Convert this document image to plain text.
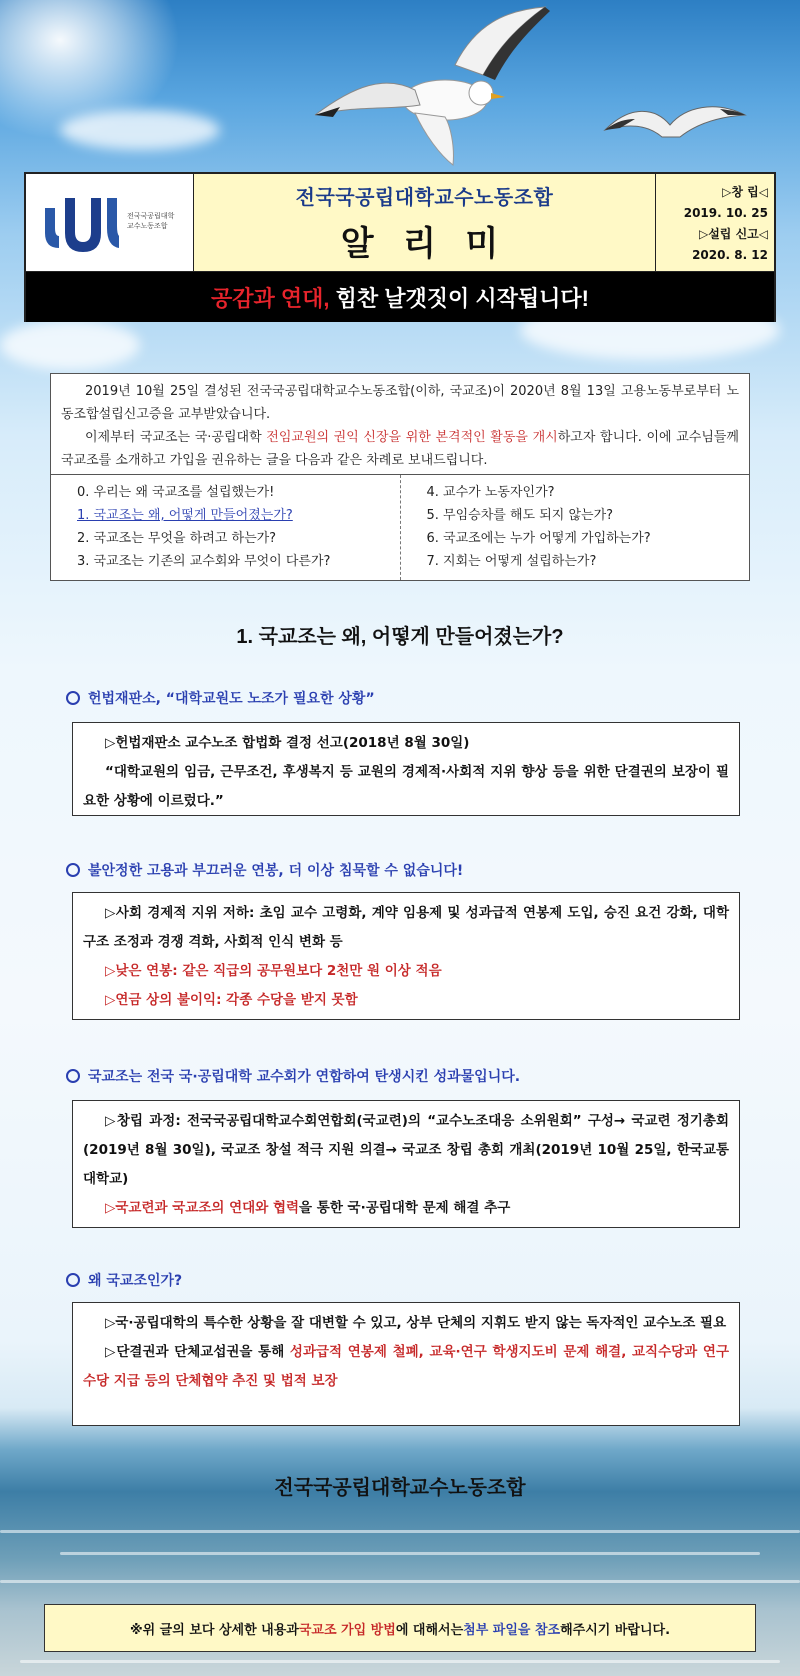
전국국공립대학
교수노동조합
전국국공립대학교수노동조합
알 리 미
▷창 립◁
2019. 10. 25
▷설립 신고◁
2020. 8. 12
공감과 연대, 힘찬 날갯짓이 시작됩니다!

2019년 10월 25일 결성된 전국국공립대학교수노동조합(이하, 국교조)이 2020년 8월 13일 고용노동부로부터 노동조합설립신고증을 교부받았습니다.

이제부터 국교조는 국·공립대학 전임교원의 권익 신장을 위한 본격적인 활동을 개시하고자 합니다. 이에 교수님들께 국교조를 소개하고 가입을 권유하는 글을 다음과 같은 차례로 보내드립니다.

0. 우리는 왜 국교조를 설립했는가!
1. 국교조는 왜, 어떻게 만들어졌는가?
2. 국교조는 무엇을 하려고 하는가?
3. 국교조는 기존의 교수회와 무엇이 다른가?
4. 교수가 노동자인가?
5. 무임승차를 해도 되지 않는가?
6. 국교조에는 누가 어떻게 가입하는가?
7. 지회는 어떻게 설립하는가?
1. 국교조는 왜, 어떻게 만들어졌는가?
헌법재판소, “대학교원도 노조가 필요한 상황”
▷헌법재판소 교수노조 합법화 결정 선고(2018년 8월 30일)
“대학교원의 임금, 근무조건, 후생복지 등 교원의 경제적·사회적 지위 향상 등을 위한 단결권의 보장이 필요한 상황에 이르렀다.”
불안정한 고용과 부끄러운 연봉, 더 이상 침묵할 수 없습니다!
▷사회 경제적 지위 저하: 초임 교수 고령화, 계약 임용제 및 성과급적 연봉제 도입, 승진 요건 강화, 대학 구조 조정과 경쟁 격화, 사회적 인식 변화 등
▷낮은 연봉: 같은 직급의 공무원보다 2천만 원 이상 적음
▷연금 상의 불이익: 각종 수당을 받지 못함
국교조는 전국 국·공립대학 교수회가 연합하여 탄생시킨 성과물입니다.
▷창립 과정: 전국국공립대학교수회연합회(국교련)의 “교수노조대응 소위원회” 구성→ 국교련 정기총회(2019년 8월 30일), 국교조 창설 적극 지원 의결→ 국교조 창립 총회 개최(2019년 10월 25일, 한국교통대학교)
▷국교련과 국교조의 연대와 협력을 통한 국·공립대학 문제 해결 추구
왜 국교조인가?
▷국·공립대학의 특수한 상황을 잘 대변할 수 있고, 상부 단체의 지휘도 받지 않는 독자적인 교수노조 필요
▷단결권과 단체교섭권을 통해 성과급적 연봉제 철폐, 교육·연구 학생지도비 문제 해결, 교직수당과 연구수당 지급 등의 단체협약 추진 및 법적 보장
전국국공립대학교수노동조합
※위 글의 보다 상세한 내용과 국교조 가입 방법 에 대해서는 첨부 파일을 참조 해주시기 바랍니다.
